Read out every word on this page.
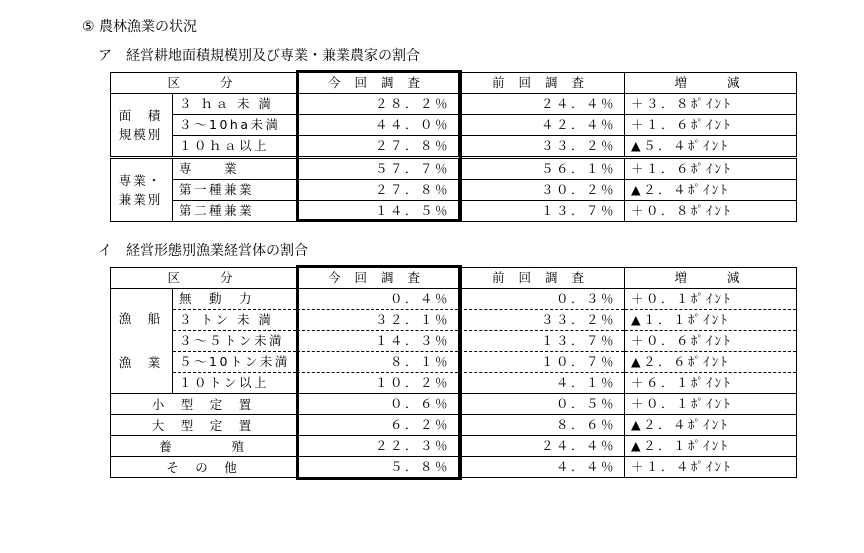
⑤ 農林漁業の状況
ア　経営耕地面積規模別及び専業・兼業農家の割合
区　　分		今 回 調 査	前 回 調 査	増　　減
面　積
規模別	３ ｈａ 未 満	２８．２％	２４．４％	＋３．８ﾎﾟｲﾝﾄ
	３～10ha未満	４４．０％	４２．４％	＋１．６ﾎﾟｲﾝﾄ
	１０ｈａ以上	２７．８％	３３．２％	▲５．４ﾎﾟｲﾝﾄ
専業・
兼業別	専　　業	５７．７％	５６．１％	＋１．６ﾎﾟｲﾝﾄ
	第一種兼業	２７．８％	３０．２％	▲２．４ﾎﾟｲﾝﾄ
	第二種兼業	１４．５％	１３．７％	＋０．８ﾎﾟｲﾝﾄ
イ　経営形態別漁業経営体の割合
区　　分		今 回 調 査	前 回 調 査	増　　減
漁　船

漁　業	無　動　力	０．４％	０．３％	＋０．１ﾎﾟｲﾝﾄ
	３ トン 未 満	３２．１％	３３．２％	▲１．１ﾎﾟｲﾝﾄ
	３～５トン未満	１４．３％	１３．７％	＋０．６ﾎﾟｲﾝﾄ
	５～10トン未満	８．１％	１０．７％	▲２．６ﾎﾟｲﾝﾄ
	１０トン以上	１０．２％	４．１％	＋６．１ﾎﾟｲﾝﾄ
小　型　定　置		０．６％	０．５％	＋０．１ﾎﾟｲﾝﾄ
大　型　定　置		６．２％	８．６％	▲２．４ﾎﾟｲﾝﾄ
養　　　　殖		２２．３％	２４．４％	▲２．１ﾎﾟｲﾝﾄ
そ　の　他		５．８％	４．４％	＋１．４ﾎﾟｲﾝﾄ
